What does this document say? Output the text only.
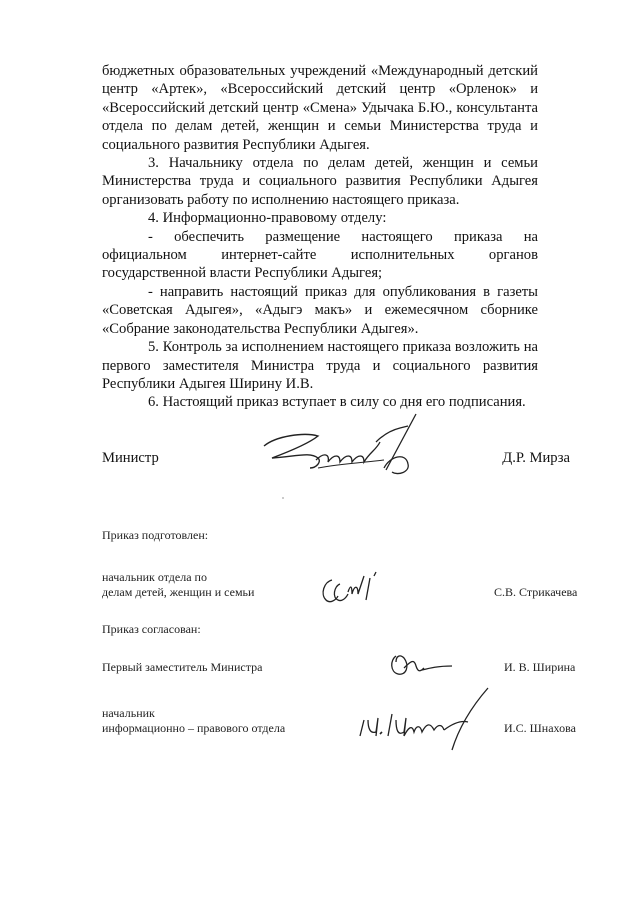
бюджетных образовательных учреждений «Международный детский центр «Артек», «Всероссийский детский центр «Орленок» и «Всероссийский детский центр «Смена» Удычака Б.Ю., консультанта отдела по делам детей, женщин и семьи Министерства труда и социального развития Республики Адыгея.

3. Начальнику отдела по делам детей, женщин и семьи Министерства труда и социального развития Республики Адыгея организовать работу по исполнению настоящего приказа.

4. Информационно-правовому отделу:

- обеспечить размещение настоящего приказа на официальном интернет-сайте исполнительных органов государственной власти Республики Адыгея;

- направить настоящий приказ для опубликования в газеты «Советская Адыгея», «Адыгэ макъ» и ежемесячном сборнике «Собрание законодательства Республики Адыгея».

5. Контроль за исполнением настоящего приказа возложить на первого заместителя Министра труда и социального развития Республики Адыгея Ширину И.В.

6. Настоящий приказ вступает в силу со дня его подписания.

Министр	Д.Р. Мирза
Приказ подготовлен:
начальник отдела по
делам детей, женщин и семьи	С.В. Стрикачева
Приказ согласован:
Первый заместитель Министра	И. В. Ширина
начальник
информационно – правового отдела	И.С. Шнахова
